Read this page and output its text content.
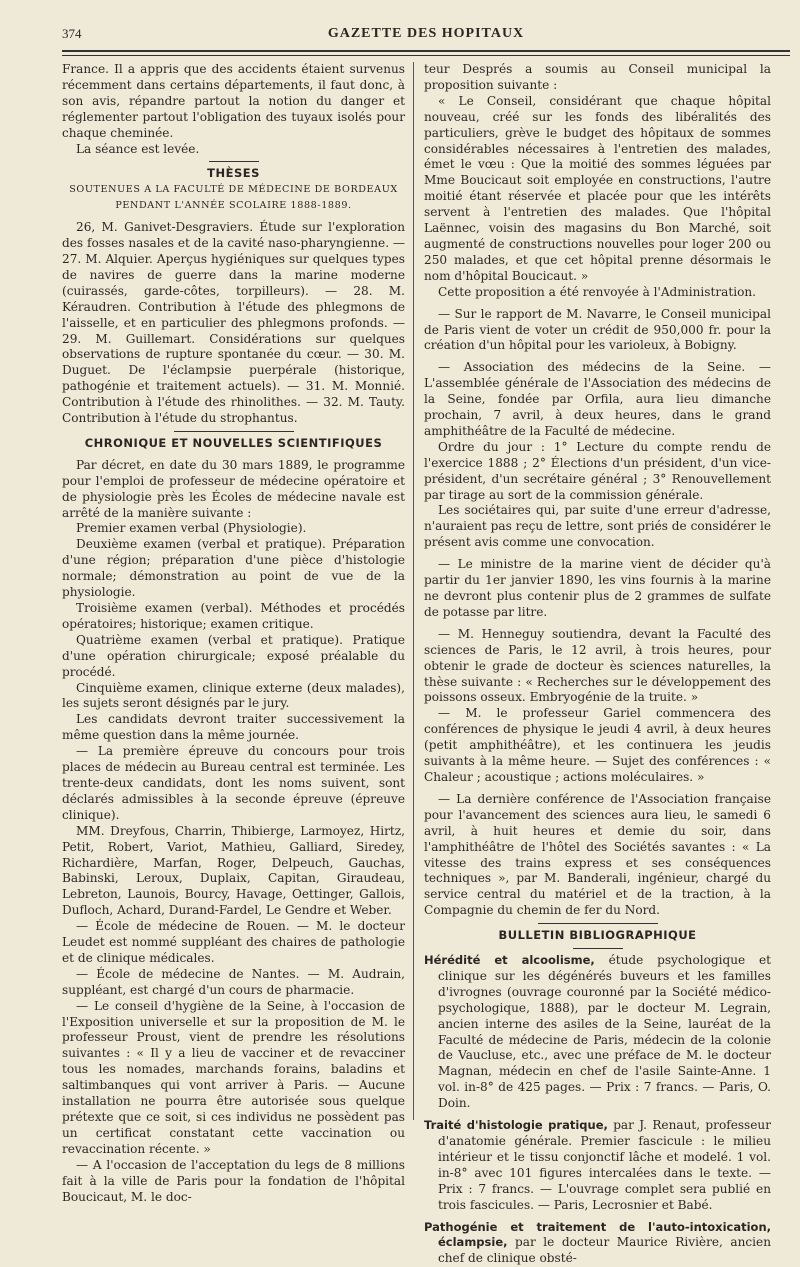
374	GAZETTE DES HOPITAUX

France. Il a appris que des accidents étaient survenus récemment dans certains départements, il faut donc, à son avis, répandre partout la notion du danger et réglementer partout l'obligation des tuyaux isolés pour chaque cheminée.

La séance est levée.

THÈSES

SOUTENUES A LA FACULTÉ DE MÉDECINE DE BORDEAUX

PENDANT L'ANNÉE SCOLAIRE 1888-1889.

26, M. Ganivet-Desgraviers. Étude sur l'exploration des fosses nasales et de la cavité naso-pharyngienne. — 27. M. Alquier. Aperçus hygiéniques sur quelques types de navires de guerre dans la marine moderne (cuirassés, garde-côtes, torpilleurs). — 28. M. Kéraudren. Contribution à l'étude des phlegmons de l'aisselle, et en particulier des phlegmons profonds. — 29. M. Guillemart. Considérations sur quelques observations de rupture spontanée du cœur. — 30. M. Duguet. De l'éclampsie puerpérale (historique, pathogénie et traitement actuels). — 31. M. Monnié. Contribution à l'étude des rhinolithes. — 32. M. Tauty. Contribution à l'étude du strophantus.

CHRONIQUE ET NOUVELLES SCIENTIFIQUES

Par décret, en date du 30 mars 1889, le programme pour l'emploi de professeur de médecine opératoire et de physiologie près les Écoles de médecine navale est arrêté de la manière suivante :

Premier examen verbal (Physiologie).

Deuxième examen (verbal et pratique). Préparation d'une région; préparation d'une pièce d'histologie normale; démonstration au point de vue de la physiologie.

Troisième examen (verbal). Méthodes et procédés opératoires; historique; examen critique.

Quatrième examen (verbal et pratique). Pratique d'une opération chirurgicale; exposé préalable du procédé.

Cinquième examen, clinique externe (deux malades), les sujets seront désignés par le jury.

Les candidats devront traiter successivement la même question dans la même journée.

— La première épreuve du concours pour trois places de médecin au Bureau central est terminée. Les trente-deux candidats, dont les noms suivent, sont déclarés admissibles à la seconde épreuve (épreuve clinique).

MM. Dreyfous, Charrin, Thibierge, Larmoyez, Hirtz, Petit, Robert, Variot, Mathieu, Galliard, Siredey, Richardière, Marfan, Roger, Delpeuch, Gauchas, Babinski, Leroux, Duplaix, Capitan, Giraudeau, Lebreton, Launois, Bourcy, Havage, Oettinger, Gallois, Dufloch, Achard, Durand-Fardel, Le Gendre et Weber.

— École de médecine de Rouen. — M. le docteur Leudet est nommé suppléant des chaires de pathologie et de clinique médicales.

— École de médecine de Nantes. — M. Audrain, suppléant, est chargé d'un cours de pharmacie.

— Le conseil d'hygiène de la Seine, à l'occasion de l'Exposition universelle et sur la proposition de M. le professeur Proust, vient de prendre les résolutions suivantes : « Il y a lieu de vacciner et de revacciner tous les nomades, marchands forains, baladins et saltimbanques qui vont arriver à Paris. — Aucune installation ne pourra être autorisée sous quelque prétexte que ce soit, si ces individus ne possèdent pas un certificat constatant cette vaccination ou revaccination récente. »

— A l'occasion de l'acceptation du legs de 8 millions fait à la ville de Paris pour la fondation de l'hôpital Boucicaut, M. le doc-

teur Després a soumis au Conseil municipal la proposition suivante :

« Le Conseil, considérant que chaque hôpital nouveau, créé sur les fonds des libéralités des particuliers, grève le budget des hôpitaux de sommes considérables nécessaires à l'entretien des malades, émet le vœu : Que la moitié des sommes léguées par Mme Boucicaut soit employée en constructions, l'autre moitié étant réservée et placée pour que les intérêts servent à l'entretien des malades. Que l'hôpital Laënnec, voisin des magasins du Bon Marché, soit augmenté de constructions nouvelles pour loger 200 ou 250 malades, et que cet hôpital prenne désormais le nom d'hôpital Boucicaut. »

Cette proposition a été renvoyée à l'Administration.

— Sur le rapport de M. Navarre, le Conseil municipal de Paris vient de voter un crédit de 950,000 fr. pour la création d'un hôpital pour les varioleux, à Bobigny.

— Association des médecins de la Seine. — L'assemblée générale de l'Association des médecins de la Seine, fondée par Orfila, aura lieu dimanche prochain, 7 avril, à deux heures, dans le grand amphithéâtre de la Faculté de médecine.

Ordre du jour : 1° Lecture du compte rendu de l'exercice 1888 ; 2° Élections d'un président, d'un vice-président, d'un secrétaire général ; 3° Renouvellement par tirage au sort de la commission générale.

Les sociétaires qui, par suite d'une erreur d'adresse, n'auraient pas reçu de lettre, sont priés de considérer le présent avis comme une convocation.

— Le ministre de la marine vient de décider qu'à partir du 1er janvier 1890, les vins fournis à la marine ne devront plus contenir plus de 2 grammes de sulfate de potasse par litre.

— M. Henneguy soutiendra, devant la Faculté des sciences de Paris, le 12 avril, à trois heures, pour obtenir le grade de docteur ès sciences naturelles, la thèse suivante : « Recherches sur le développement des poissons osseux. Embryogénie de la truite. »

— M. le professeur Gariel commencera des conférences de physique le jeudi 4 avril, à deux heures (petit amphithéâtre), et les continuera les jeudis suivants à la même heure. — Sujet des conférences : « Chaleur ; acoustique ; actions moléculaires. »

— La dernière conférence de l'Association française pour l'avancement des sciences aura lieu, le samedi 6 avril, à huit heures et demie du soir, dans l'amphithéâtre de l'hôtel des Sociétés savantes : « La vitesse des trains express et ses conséquences techniques », par M. Banderali, ingénieur, chargé du service central du matériel et de la traction, à la Compagnie du chemin de fer du Nord.

BULLETIN BIBLIOGRAPHIQUE

Hérédité et alcoolisme, étude psychologique et clinique sur les dégénérés buveurs et les familles d'ivrognes (ouvrage couronné par la Société médico-psychologique, 1888), par le docteur M. Legrain, ancien interne des asiles de la Seine, lauréat de la Faculté de médecine de Paris, médecin de la colonie de Vaucluse, etc., avec une préface de M. le docteur Magnan, médecin en chef de l'asile Sainte-Anne. 1 vol. in-8° de 425 pages. — Prix : 7 francs. — Paris, O. Doin.

Traité d'histologie pratique, par J. Renaut, professeur d'anatomie générale. Premier fascicule : le milieu intérieur et le tissu conjonctif lâche et modelé. 1 vol. in-8° avec 101 figures intercalées dans le texte. — Prix : 7 francs. — L'ouvrage complet sera publié en trois fascicules. — Paris, Lecrosnier et Babé.

Pathogénie et traitement de l'auto-intoxication, éclampsie, par le docteur Maurice Rivière, ancien chef de clinique obsté-
